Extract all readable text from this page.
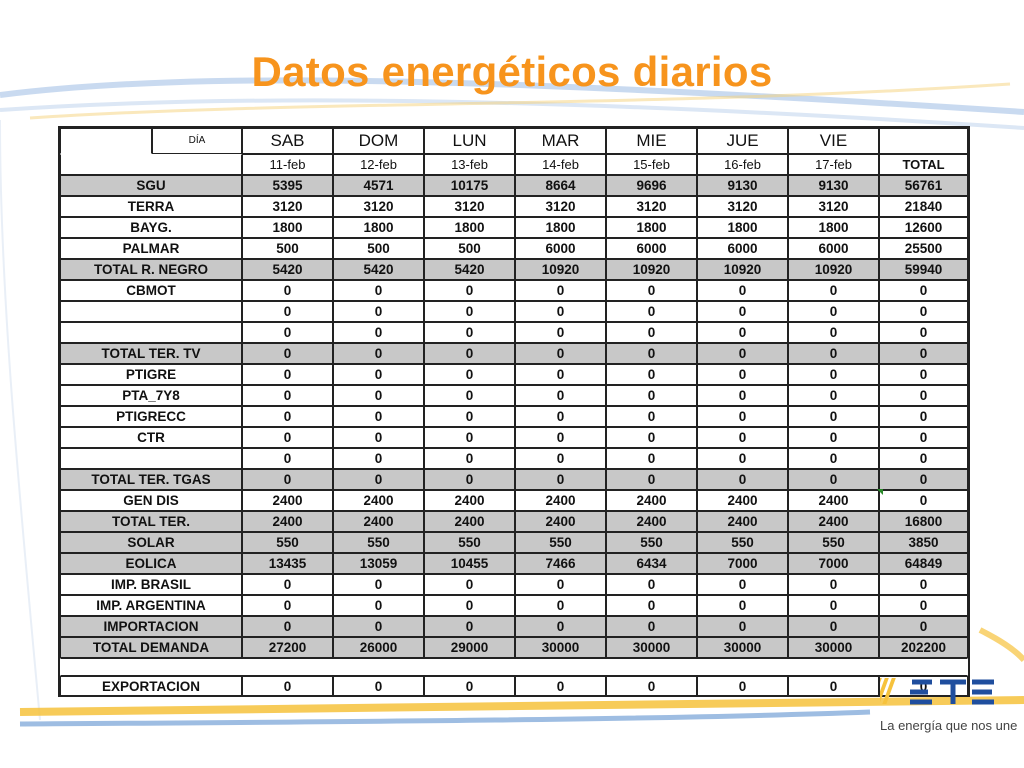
Datos energéticos diarios
	DÍA	SAB	DOM	LUN	MAR	MIE	JUE	VIE	
		11-feb	12-feb	13-feb	14-feb	15-feb	16-feb	17-feb	TOTAL
SGU		5395	4571	10175	8664	9696	9130	9130	56761
TERRA		3120	3120	3120	3120	3120	3120	3120	21840
BAYG.		1800	1800	1800	1800	1800	1800	1800	12600
PALMAR		500	500	500	6000	6000	6000	6000	25500
TOTAL R. NEGRO		5420	5420	5420	10920	10920	10920	10920	59940
CBMOT		0	0	0	0	0	0	0	0
		0	0	0	0	0	0	0	0
		0	0	0	0	0	0	0	0
TOTAL TER. TV		0	0	0	0	0	0	0	0
PTIGRE		0	0	0	0	0	0	0	0
PTA_7Y8		0	0	0	0	0	0	0	0
PTIGRECC		0	0	0	0	0	0	0	0
CTR		0	0	0	0	0	0	0	0
		0	0	0	0	0	0	0	0
TOTAL TER. TGAS		0	0	0	0	0	0	0	0
GEN DIS		2400	2400	2400	2400	2400	2400	2400	0
TOTAL TER.		2400	2400	2400	2400	2400	2400	2400	16800
SOLAR		550	550	550	550	550	550	550	3850
EOLICA		13435	13059	10455	7466	6434	7000	7000	64849
IMP. BRASIL		0	0	0	0	0	0	0	0
IMP. ARGENTINA		0	0	0	0	0	0	0	0
IMPORTACION		0	0	0	0	0	0	0	0
TOTAL DEMANDA		27200	26000	29000	30000	30000	30000	30000	202200

EXPORTACION		0	0	0	0	0	0	0	0
La energía que nos une
